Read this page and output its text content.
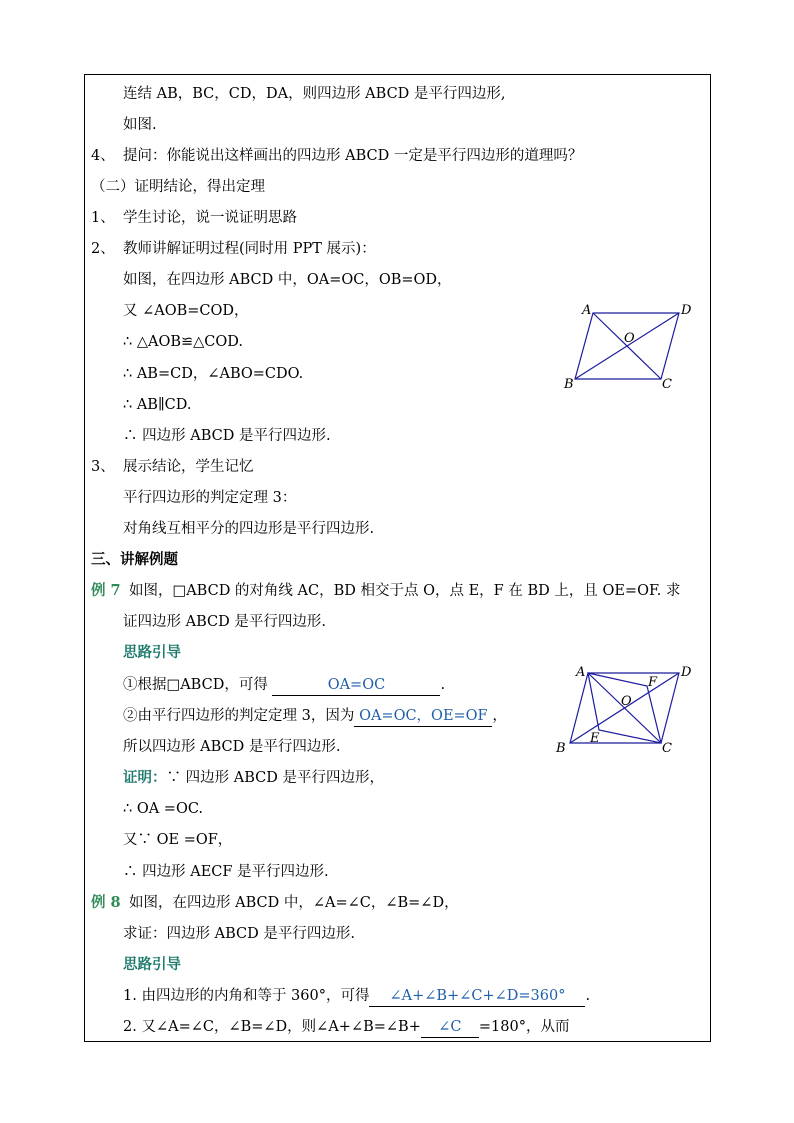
连结 AB，BC，CD，DA，则四边形 ABCD 是平行四边形,
如图.
4、 提问：你能说出这样画出的四边形 ABCD 一定是平行四边形的道理吗？
（二）证明结论，得出定理
1、 学生讨论，说一说证明思路
2、 教师讲解证明过程(同时用 PPT 展示)：
如图，在四边形 ABCD 中，OA=OC，OB=OD，
又 ∠AOB=COD，
∴ △AOB≌△COD.
∴ AB=CD，∠ABO=CDO.
∴ AB∥CD.
∴ 四边形 ABCD 是平行四边形.
3、 展示结论，学生记忆
平行四边形的判定定理 3：
对角线互相平分的四边形是平行四边形.
三、讲解例题
例 7 如图，□ABCD 的对角线 AC，BD 相交于点 O，点 E，F 在 BD 上，且 OE=OF. 求
证四边形 ABCD 是平行四边形.
思路引导
①根据□ABCD，可得	OA=OC	.
②由平行四边形的判定定理 3，因为 OA=OC，OE=OF ，
所以四边形 ABCD 是平行四边形.
证明：∵ 四边形 ABCD 是平行四边形，
∴ OA =OC.
又∵ OE =OF，
∴ 四边形 AECF 是平行四边形.
例 8 如图，在四边形 ABCD 中，∠A=∠C，∠B=∠D，
求证：四边形 ABCD 是平行四边形.
思路引导
1. 由四边形的内角和等于 360°，可得 ∠A+∠B+∠C+∠D=360° .
2. 又∠A=∠C，∠B=∠D，则∠A+∠B=∠B+ ∠C =180°，从而
A	D
B	C
O
A	D
B	C
O
F
E
